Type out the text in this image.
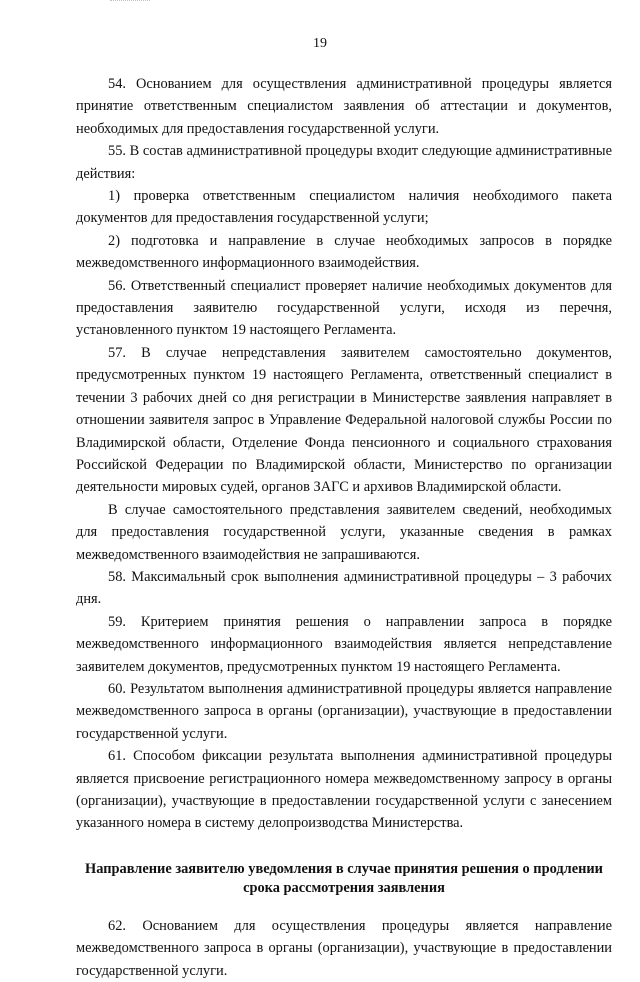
19

54. Основанием для осуществления административной процедуры является принятие ответственным специалистом заявления об аттестации и документов, необходимых для предоставления государственной услуги.

55. В состав административной процедуры входит следующие административные действия:

1) проверка ответственным специалистом наличия необходимого пакета документов для предоставления государственной услуги;

2) подготовка и направление в случае необходимых запросов в порядке межведомственного информационного взаимодействия.

56. Ответственный специалист проверяет наличие необходимых документов для предоставления заявителю государственной услуги, исходя из перечня, установленного пунктом 19 настоящего Регламента.

57. В случае непредставления заявителем самостоятельно документов, предусмотренных пунктом 19 настоящего Регламента, ответственный специалист в течении 3 рабочих дней со дня регистрации в Министерстве заявления направляет в отношении заявителя запрос в Управление Федеральной налоговой службы России по Владимирской области, Отделение Фонда пенсионного и социального страхования Российской Федерации по Владимирской области, Министерство по организации деятельности мировых судей, органов ЗАГС и архивов Владимирской области.

В случае самостоятельного представления заявителем сведений, необходимых для предоставления государственной услуги, указанные сведения в рамках межведомственного взаимодействия не запрашиваются.

58. Максимальный срок выполнения административной процедуры – 3 рабочих дня.

59. Критерием принятия решения о направлении запроса в порядке межведомственного информационного взаимодействия является непредставление заявителем документов, предусмотренных пунктом 19 настоящего Регламента.

60. Результатом выполнения административной процедуры является направление межведомственного запроса в органы (организации), участвующие в предоставлении государственной услуги.

61. Способом фиксации результата выполнения административной процедуры является присвоение регистрационного номера межведомственному запросу в органы (организации), участвующие в предоставлении государственной услуги с занесением указанного номера в систему делопроизводства Министерства.

Направление заявителю уведомления в случае принятия решения о продлении срока рассмотрения заявления

62. Основанием для осуществления процедуры является направление межведомственного запроса в органы (организации), участвующие в предоставлении государственной услуги.
